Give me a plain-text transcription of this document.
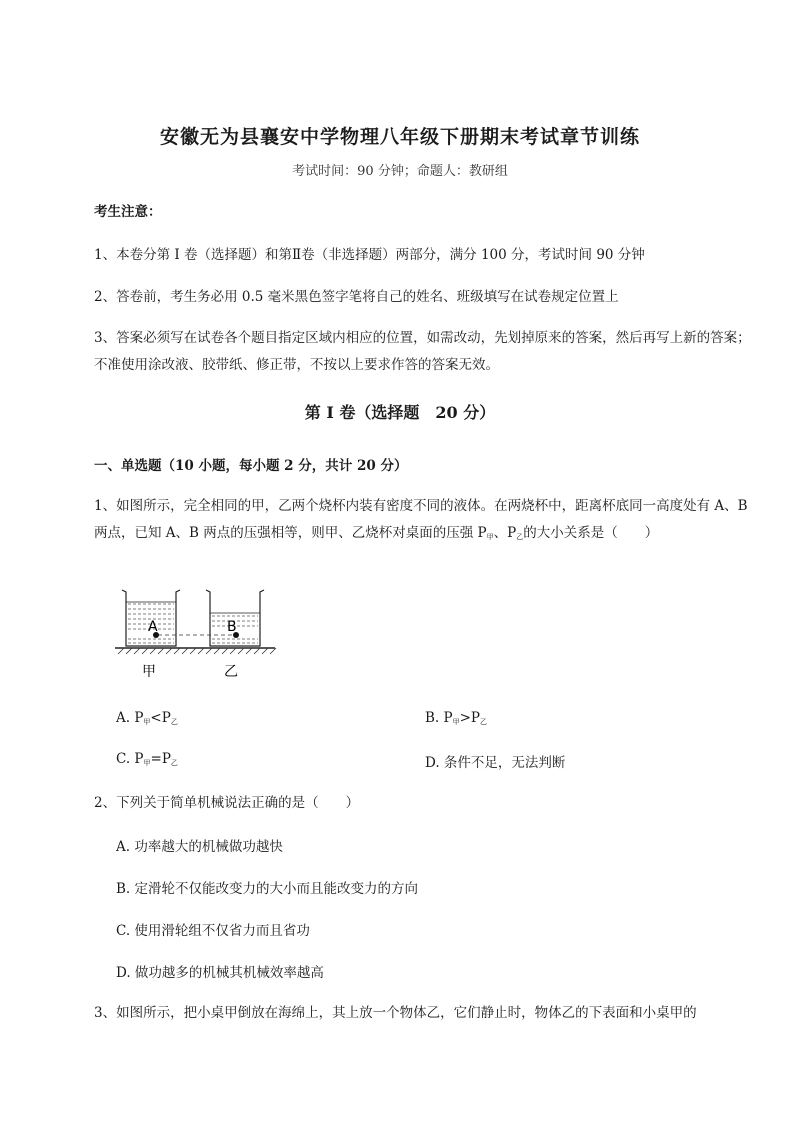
安徽无为县襄安中学物理八年级下册期末考试章节训练
考试时间：90 分钟；命题人：教研组
考生注意：
1、本卷分第 I 卷（选择题）和第Ⅱ卷（非选择题）两部分，满分 100 分，考试时间 90 分钟
2、答卷前，考生务必用 0.5 毫米黑色签字笔将自己的姓名、班级填写在试卷规定位置上
3、答案必须写在试卷各个题目指定区域内相应的位置，如需改动，先划掉原来的答案，然后再写上新的答案；不准使用涂改液、胶带纸、修正带，不按以上要求作答的答案无效。
第 I 卷（选择题　20 分）
一、单选题（10 小题，每小题 2 分，共计 20 分）
1、如图所示，完全相同的甲，乙两个烧杯内装有密度不同的液体。在两烧杯中，距离杯底同一高度处有 A、B 两点，已知 A、B 两点的压强相等，则甲、乙烧杯对桌面的压强 $P_甲$、$P_乙$的大小关系是（　　）
A	B
甲	乙
A. $P_甲<P_乙$	B. $P_甲>P_乙$
C. $P_甲=P_乙$	D. 条件不足，无法判断
2、下列关于简单机械说法正确的是（　　）
A. 功率越大的机械做功越快
B. 定滑轮不仅能改变力的大小而且能改变力的方向
C. 使用滑轮组不仅省力而且省功
D. 做功越多的机械其机械效率越高
3、如图所示，把小桌甲倒放在海绵上，其上放一个物体乙，它们静止时，物体乙的下表面和小桌甲的
